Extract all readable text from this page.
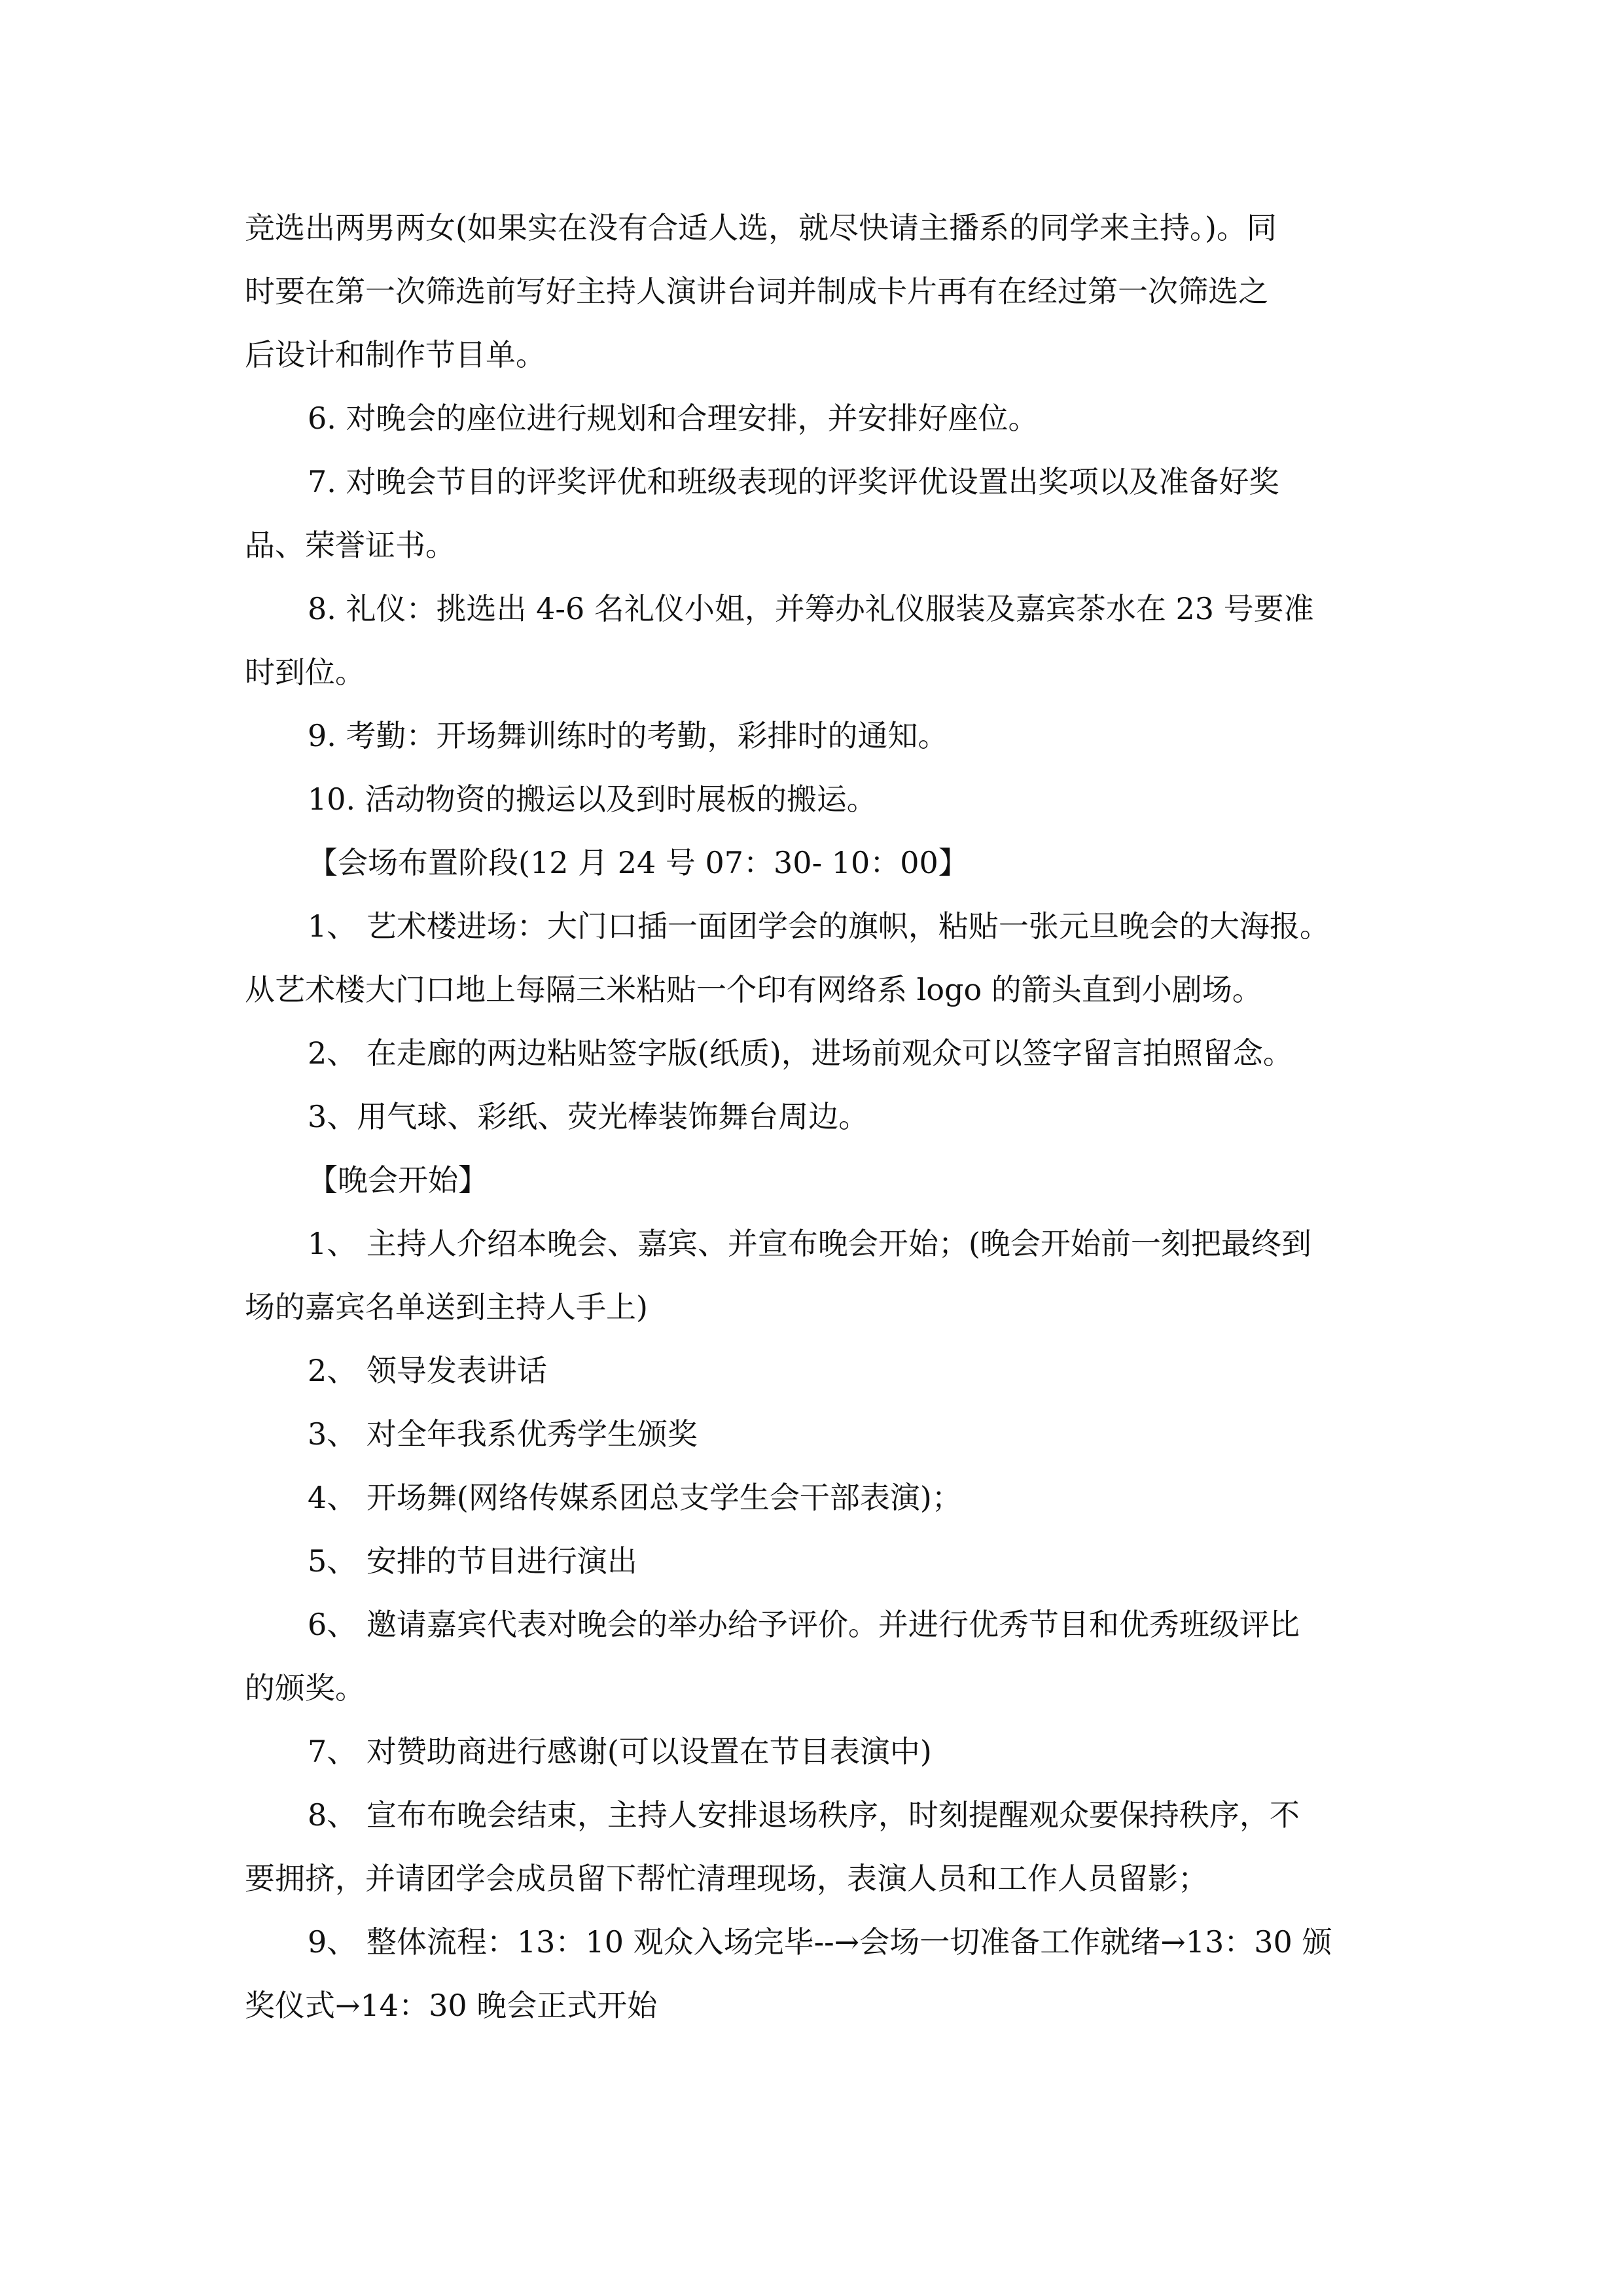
竞选出两男两女(如果实在没有合适人选，就尽快请主播系的同学来主持。)。同
时要在第一次筛选前写好主持人演讲台词并制成卡片再有在经过第一次筛选之
后设计和制作节目单。
6. 对晚会的座位进行规划和合理安排，并安排好座位。
7. 对晚会节目的评奖评优和班级表现的评奖评优设置出奖项以及准备好奖
品、荣誉证书。
8. 礼仪：挑选出 4-6 名礼仪小姐，并筹办礼仪服装及嘉宾茶水在 23 号要准
时到位。
9. 考勤：开场舞训练时的考勤，彩排时的通知。
10. 活动物资的搬运以及到时展板的搬运。
【会场布置阶段(12 月 24 号 07：30- 10：00】
1、 艺术楼进场：大门口插一面团学会的旗帜，粘贴一张元旦晚会的大海报。
从艺术楼大门口地上每隔三米粘贴一个印有网络系 logo 的箭头直到小剧场。
2、 在走廊的两边粘贴签字版(纸质)，进场前观众可以签字留言拍照留念。
3、用气球、彩纸、荧光棒装饰舞台周边。
【晚会开始】
1、 主持人介绍本晚会、嘉宾、并宣布晚会开始；(晚会开始前一刻把最终到
场的嘉宾名单送到主持人手上)
2、 领导发表讲话
3、 对全年我系优秀学生颁奖
4、 开场舞(网络传媒系团总支学生会干部表演)；
5、 安排的节目进行演出
6、 邀请嘉宾代表对晚会的举办给予评价。并进行优秀节目和优秀班级评比
的颁奖。
7、 对赞助商进行感谢(可以设置在节目表演中)
8、 宣布布晚会结束，主持人安排退场秩序，时刻提醒观众要保持秩序，不
要拥挤，并请团学会成员留下帮忙清理现场，表演人员和工作人员留影；
9、 整体流程：13：10 观众入场完毕--→会场一切准备工作就绪→13：30 颁
奖仪式→14：30 晚会正式开始
